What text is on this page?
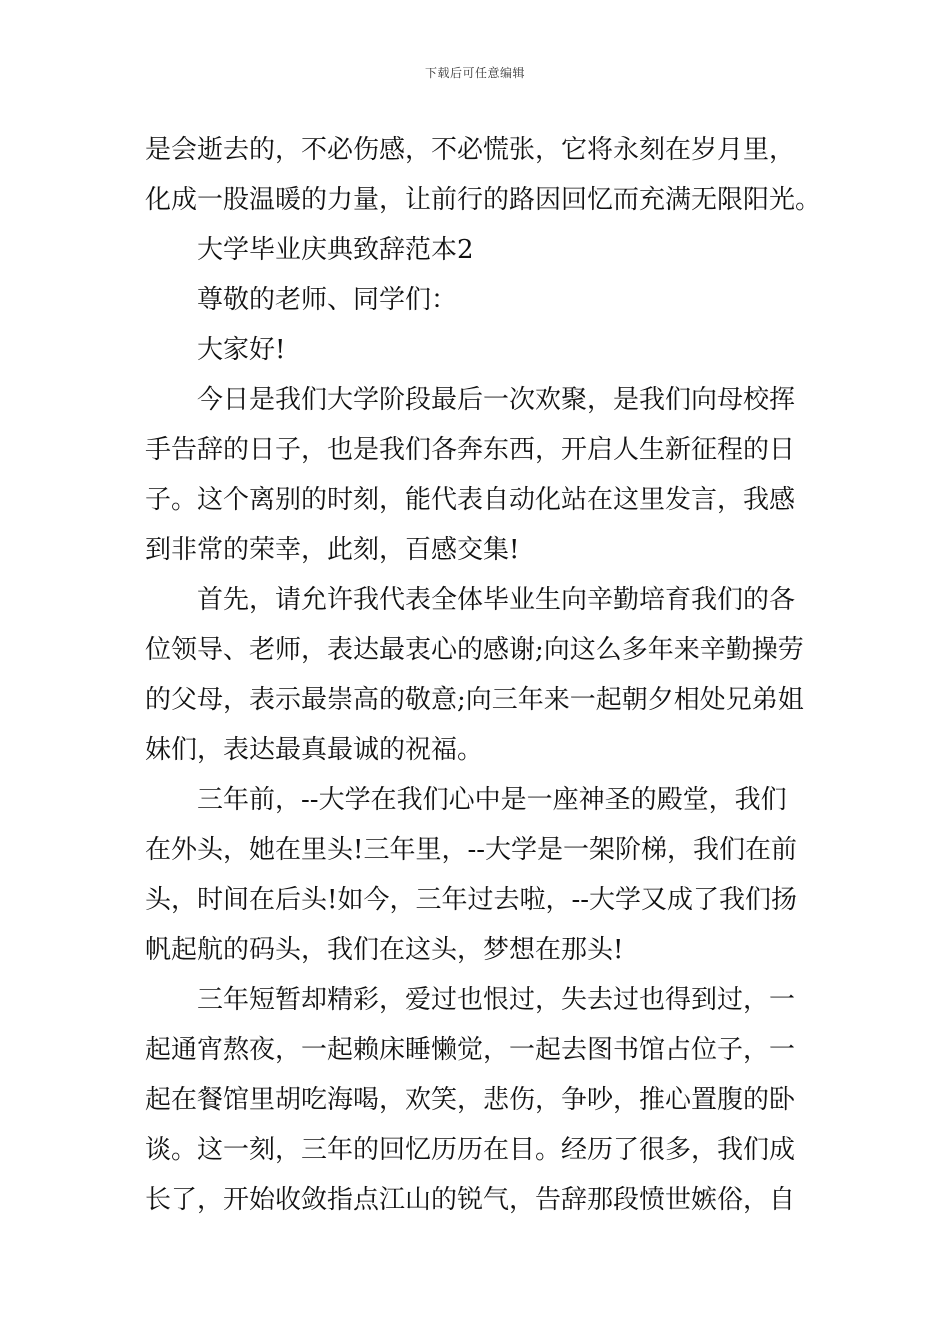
下载后可任意编辑
是会逝去的，不必伤感，不必慌张，它将永刻在岁月里，
化成一股温暖的力量，让前行的路因回忆而充满无限阳光。
大学毕业庆典致辞范本2
尊敬的老师、同学们：
大家好!
今日是我们大学阶段最后一次欢聚，是我们向母校挥
手告辞的日子，也是我们各奔东西，开启人生新征程的日
子。这个离别的时刻，能代表自动化站在这里发言，我感
到非常的荣幸，此刻，百感交集!
首先，请允许我代表全体毕业生向辛勤培育我们的各
位领导、老师，表达最衷心的感谢;向这么多年来辛勤操劳
的父母，表示最崇高的敬意;向三年来一起朝夕相处兄弟姐
妹们，表达最真最诚的祝福。
三年前，--大学在我们心中是一座神圣的殿堂，我们
在外头，她在里头!三年里，--大学是一架阶梯，我们在前
头，时间在后头!如今，三年过去啦，--大学又成了我们扬
帆起航的码头，我们在这头，梦想在那头!
三年短暂却精彩，爱过也恨过，失去过也得到过，一
起通宵熬夜，一起赖床睡懒觉，一起去图书馆占位子，一
起在餐馆里胡吃海喝，欢笑，悲伤，争吵，推心置腹的卧
谈。这一刻，三年的回忆历历在目。经历了很多，我们成
长了，开始收敛指点江山的锐气，告辞那段愤世嫉俗，自
